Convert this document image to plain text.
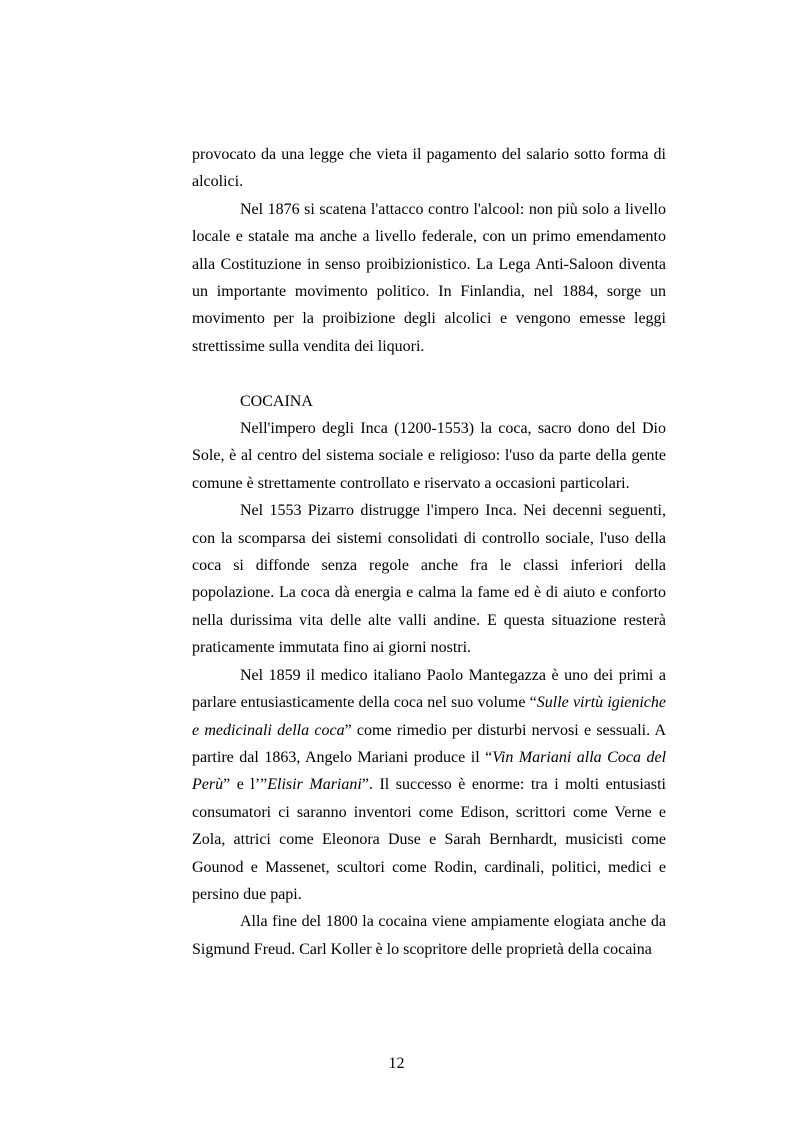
provocato da una legge che vieta il pagamento del salario sotto forma di alcolici.

Nel 1876 si scatena l'attacco contro l'alcool: non più solo a livello locale e statale ma anche a livello federale, con un primo emendamento alla Costituzione in senso proibizionistico. La Lega Anti-Saloon diventa un importante movimento politico. In Finlandia, nel 1884, sorge un movimento per la proibizione degli alcolici e vengono emesse leggi strettissime sulla vendita dei liquori.

COCAINA

Nell'impero degli Inca (1200-1553) la coca, sacro dono del Dio Sole, è al centro del sistema sociale e religioso: l'uso da parte della gente comune è strettamente controllato e riservato a occasioni particolari.

Nel 1553 Pizarro distrugge l'impero Inca. Nei decenni seguenti, con la scomparsa dei sistemi consolidati di controllo sociale, l'uso della coca si diffonde senza regole anche fra le classi inferiori della popolazione. La coca dà energia e calma la fame ed è di aiuto e conforto nella durissima vita delle alte valli andine. E questa situazione resterà praticamente immutata fino ai giorni nostri.

Nel 1859 il medico italiano Paolo Mantegazza è uno dei primi a parlare entusiasticamente della coca nel suo volume “Sulle virtù igieniche e medicinali della coca” come rimedio per disturbi nervosi e sessuali. A partire dal 1863, Angelo Mariani produce il “Vin Mariani alla Coca del Perù” e l’”Elisir Mariani”. Il successo è enorme: tra i molti entusiasti consumatori ci saranno inventori come Edison, scrittori come Verne e Zola, attrici come Eleonora Duse e Sarah Bernhardt, musicisti come Gounod e Massenet, scultori come Rodin, cardinali, politici, medici e persino due papi.

Alla fine del 1800 la cocaina viene ampiamente elogiata anche da Sigmund Freud. Carl Koller è lo scopritore delle proprietà della cocaina

12
